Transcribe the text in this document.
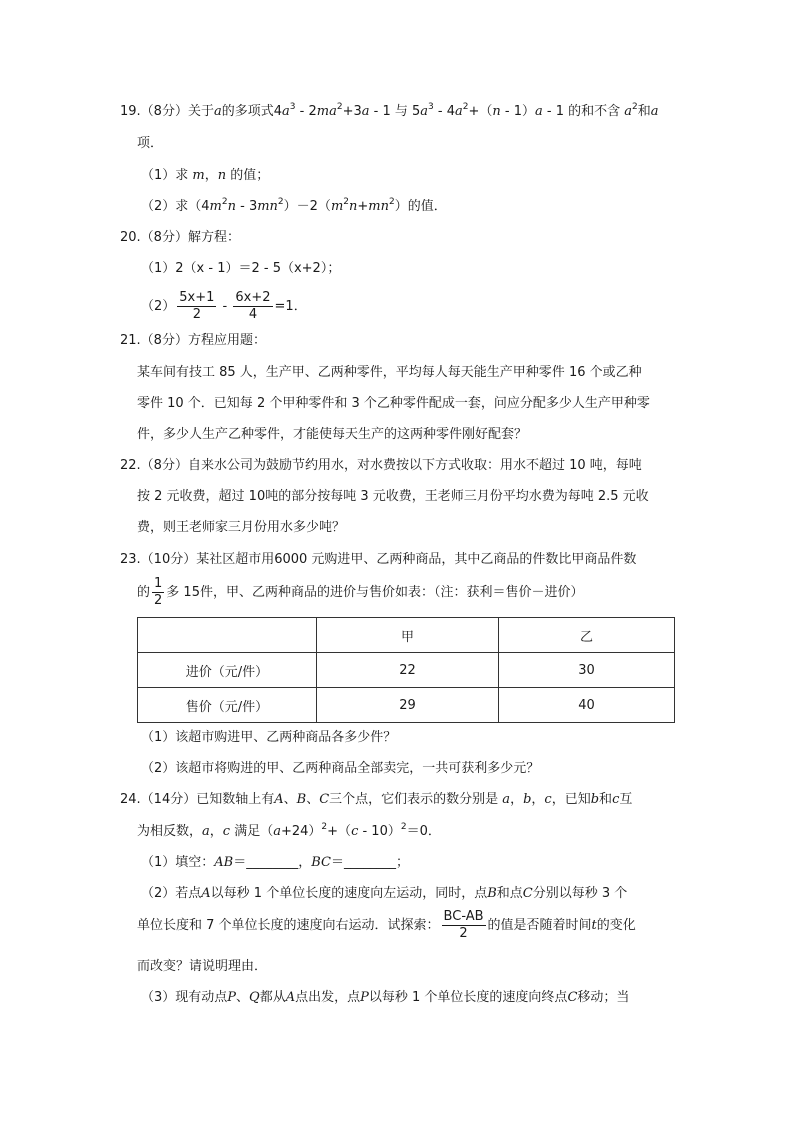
19.（8分）关于a的多项式$4a^3 - 2ma^2+3a - 1$ 与 $5a^3 - 4a^2+(n - 1)a - 1$ 的和不含 $a^2$和a
项．
（1）求 m，n 的值；
（2）求$(4m^2n - 3mn^2)-2(m^2n+mn^2)$的值．
20.（8分）解方程：
（1）2（x - 1）＝2 - 5（x+2）；
$(2) \frac{5x+1}{2} - \frac{6x+2}{4} =1$．
21.（8分）方程应用题：
某车间有技工 85 人，生产甲、乙两种零件，平均每人每天能生产甲种零件 16 个或乙种
零件 10 个．已知每 2 个甲种零件和 3 个乙种零件配成一套，问应分配多少人生产甲种零
件，多少人生产乙种零件，才能使每天生产的这两种零件刚好配套？
22.（8分）自来水公司为鼓励节约用水，对水费按以下方式收取：用水不超过 10 吨，每吨
按 2 元收费，超过 10吨的部分按每吨 3 元收费，王老师三月份平均水费为每吨 2.5 元收
费，则王老师家三月份用水多少吨？
23.（10分）某社区超市用6000 元购进甲、乙两种商品，其中乙商品的件数比甲商品件数
的 $\frac{1}{2}$ 多 15件，甲、乙两种商品的进价与售价如表：（注：获利＝售价－进价）
	甲	乙
进价（元/件）	22	30
售价（元/件）	29	40
（1）该超市购进甲、乙两种商品各多少件？
（2）该超市将购进的甲、乙两种商品全部卖完，一共可获利多少元？
24.（14分）已知数轴上有A、B、C三个点，它们表示的数分别是 a，b，c，已知b和c互
为相反数，a，c 满足$(a+24)^2+(c - 10)^2=0$．
（1）填空：AB＝________，BC＝________；
（2）若点A以每秒 1 个单位长度的速度向左运动，同时，点B和点C分别以每秒 3 个
单位长度和 7 个单位长度的速度向右运动．试探索： $\frac{BC-AB}{2}$ 的值是否随着时间t的变化
而改变？请说明理由．
（3）现有动点P、Q都从A点出发，点P以每秒 1 个单位长度的速度向终点C移动；当
